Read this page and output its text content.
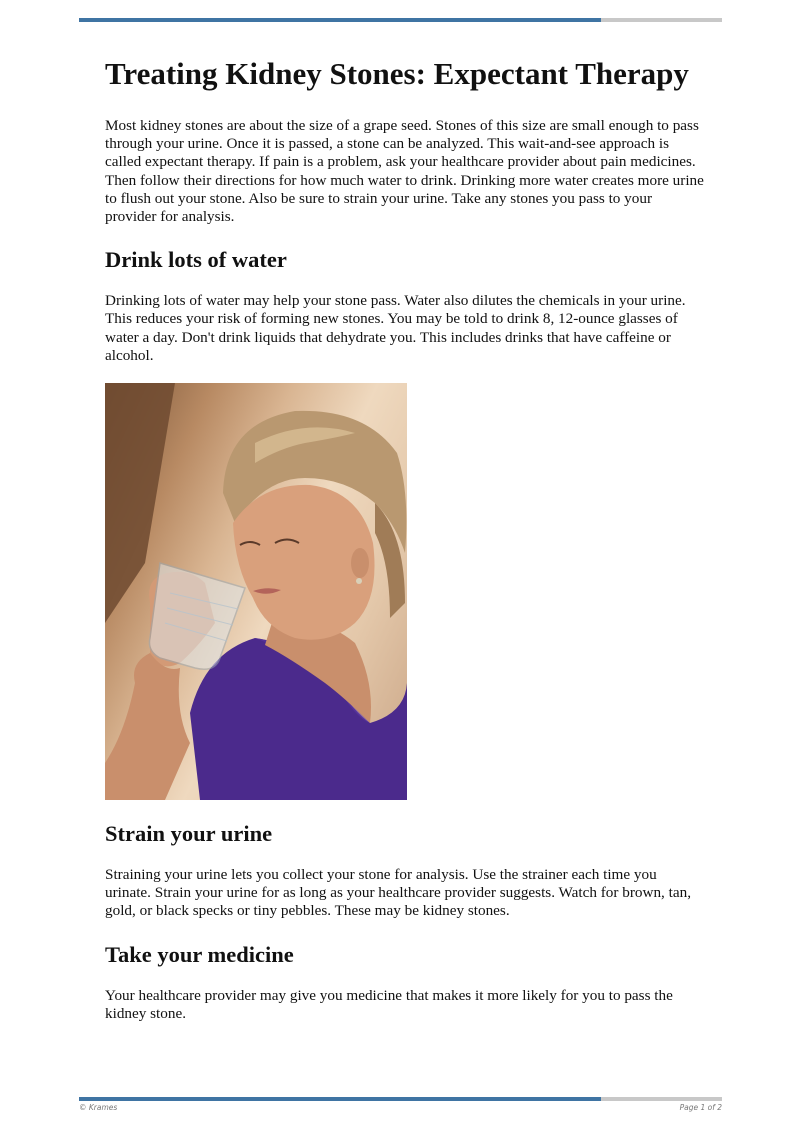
Treating Kidney Stones: Expectant Therapy

Most kidney stones are about the size of a grape seed. Stones of this size are small enough to pass through your urine. Once it is passed, a stone can be analyzed. This wait-and-see approach is called expectant therapy. If pain is a problem, ask your healthcare provider about pain medicines. Then follow their directions for how much water to drink. Drinking more water creates more urine to flush out your stone. Also be sure to strain your urine. Take any stones you pass to your provider for analysis.

Drink lots of water

Drinking lots of water may help your stone pass. Water also dilutes the chemicals in your urine. This reduces your risk of forming new stones. You may be told to drink 8, 12-ounce glasses of water a day. Don't drink liquids that dehydrate you. This includes drinks that have caffeine or alcohol.

Strain your urine

Straining your urine lets you collect your stone for analysis. Use the strainer each time you urinate. Strain your urine for as long as your healthcare provider suggests. Watch for brown, tan, gold, or black specks or tiny pebbles. These may be kidney stones.

Take your medicine

Your healthcare provider may give you medicine that makes it more likely for you to pass the kidney stone.

© Krames	Page 1 of 2
